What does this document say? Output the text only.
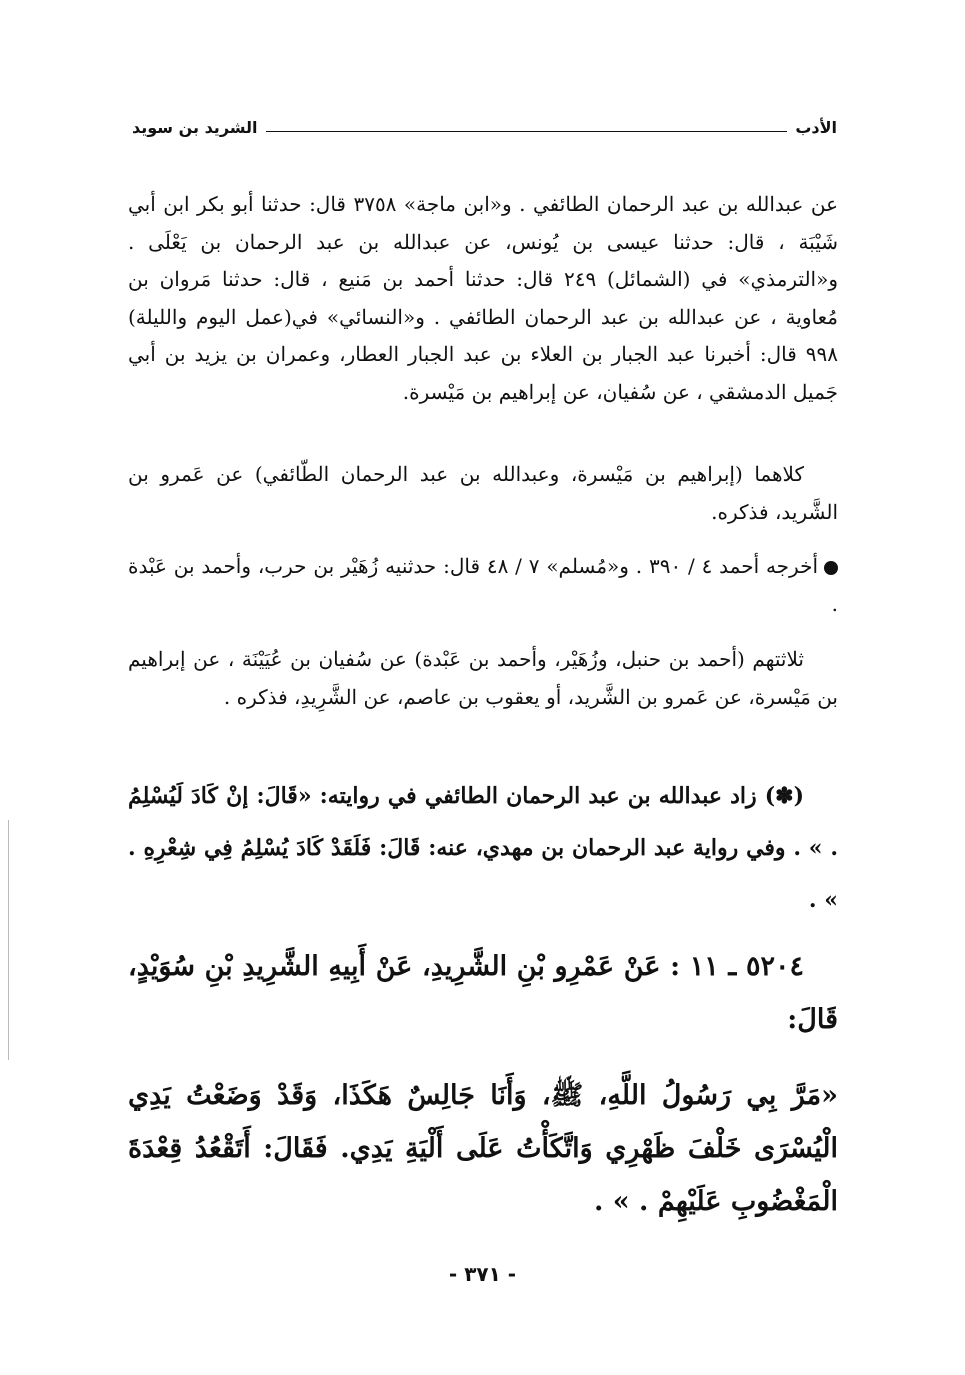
الأدب
الشريد بن سويد

عن عبدالله بن عبد الرحمان الطائفي . و«ابن ماجة» ٣٧٥٨ قال: حدثنا أبو بكر ابن أبي شَيْبَة ، قال: حدثنا عيسى بن يُونس، عن عبدالله بن عبد الرحمان بن يَعْلَى . و«الترمذي» في (الشمائل) ٢٤٩ قال: حدثنا أحمد بن مَنيع ، قال: حدثنا مَروان بن مُعاوية ، عن عبدالله بن عبد الرحمان الطائفي . و«النسائي» في(عمل اليوم والليلة) ٩٩٨ قال: أخبرنا عبد الجبار بن العلاء بن عبد الجبار العطار، وعمران بن يزيد بن أبي جَميل الدمشقي ، عن سُفيان، عن إبراهيم بن مَيْسرة.

كلاهما (إبراهيم بن مَيْسرة، وعبدالله بن عبد الرحمان الطّائفي) عن عَمرو بن الشَّريد، فذكره.

أخرجه أحمد ٤ / ٣٩٠ . و«مُسلم» ٧ / ٤٨ قال: حدثنيه زُهَيْر بن حرب، وأحمد بن عَبْدة .

ثلاثتهم (أحمد بن حنبل، وزُهَيْر، وأحمد بن عَبْدة) عن سُفيان بن عُيَيْنَة ، عن إبراهيم بن مَيْسرة، عن عَمرو بن الشَّريد، أو يعقوب بن عاصم، عن الشَّرِيدِ، فذكره .

(✽) زاد عبدالله بن عبد الرحمان الطائفي في روايته: «قَالَ: إنْ كَادَ لَيُسْلِمُ . » . وفي رواية عبد الرحمان بن مهدي، عنه: قَالَ: فَلَقَدْ كَادَ يُسْلِمُ فِي شِعْرِهِ . » .

٥٢٠٤ ـ ١١ : عَنْ عَمْرِو بْنِ الشَّرِيدِ، عَنْ أَبِيهِ الشَّرِيدِ بْنِ سُوَيْدٍ، قَالَ:

«مَرَّ بِي رَسُولُ اللَّهِ، ﷺ، وَأَنَا جَالِسٌ هَكَذَا، وَقَدْ وَضَعْتُ يَدِي الْيُسْرَى خَلْفَ ظَهْرِي وَاتَّكَأْتُ عَلَى أَلْيَةِ يَدِي. فَقَالَ: أَتَقْعُدُ قِعْدَةَ الْمَغْضُوبِ عَلَيْهِمْ . » .

- ٣٧١ -
